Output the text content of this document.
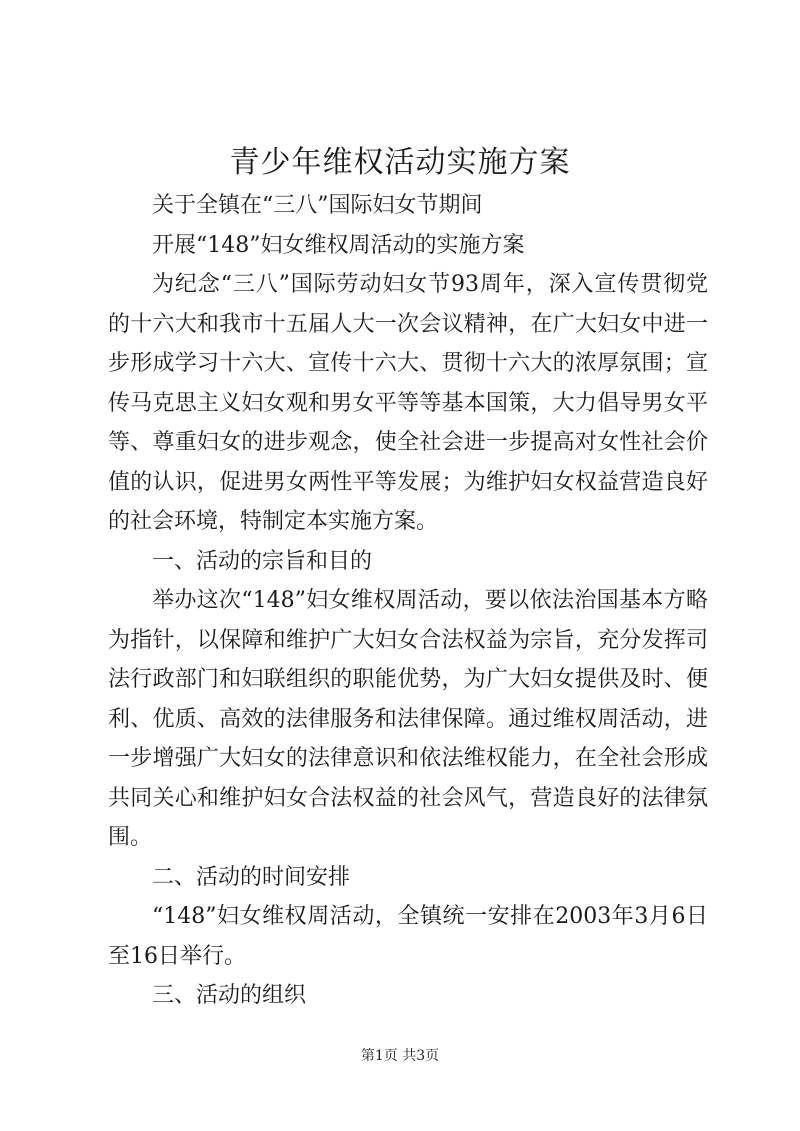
青少年维权活动实施方案

关于全镇在“三八”国际妇女节期间

开展“148”妇女维权周活动的实施方案

为纪念“三八”国际劳动妇女节93周年，深入宣传贯彻党的十六大和我市十五届人大一次会议精神，在广大妇女中进一步形成学习十六大、宣传十六大、贯彻十六大的浓厚氛围；宣传马克思主义妇女观和男女平等等基本国策，大力倡导男女平等、尊重妇女的进步观念，使全社会进一步提高对女性社会价值的认识，促进男女两性平等发展；为维护妇女权益营造良好的社会环境，特制定本实施方案。

一、活动的宗旨和目的

举办这次“148”妇女维权周活动，要以依法治国基本方略为指针，以保障和维护广大妇女合法权益为宗旨，充分发挥司法行政部门和妇联组织的职能优势，为广大妇女提供及时、便利、优质、高效的法律服务和法律保障。通过维权周活动，进一步增强广大妇女的法律意识和依法维权能力，在全社会形成共同关心和维护妇女合法权益的社会风气，营造良好的法律氛围。

二、活动的时间安排

“148”妇女维权周活动，全镇统一安排在2003年3月6日至16日举行。

三、活动的组织

第1页 共3页
